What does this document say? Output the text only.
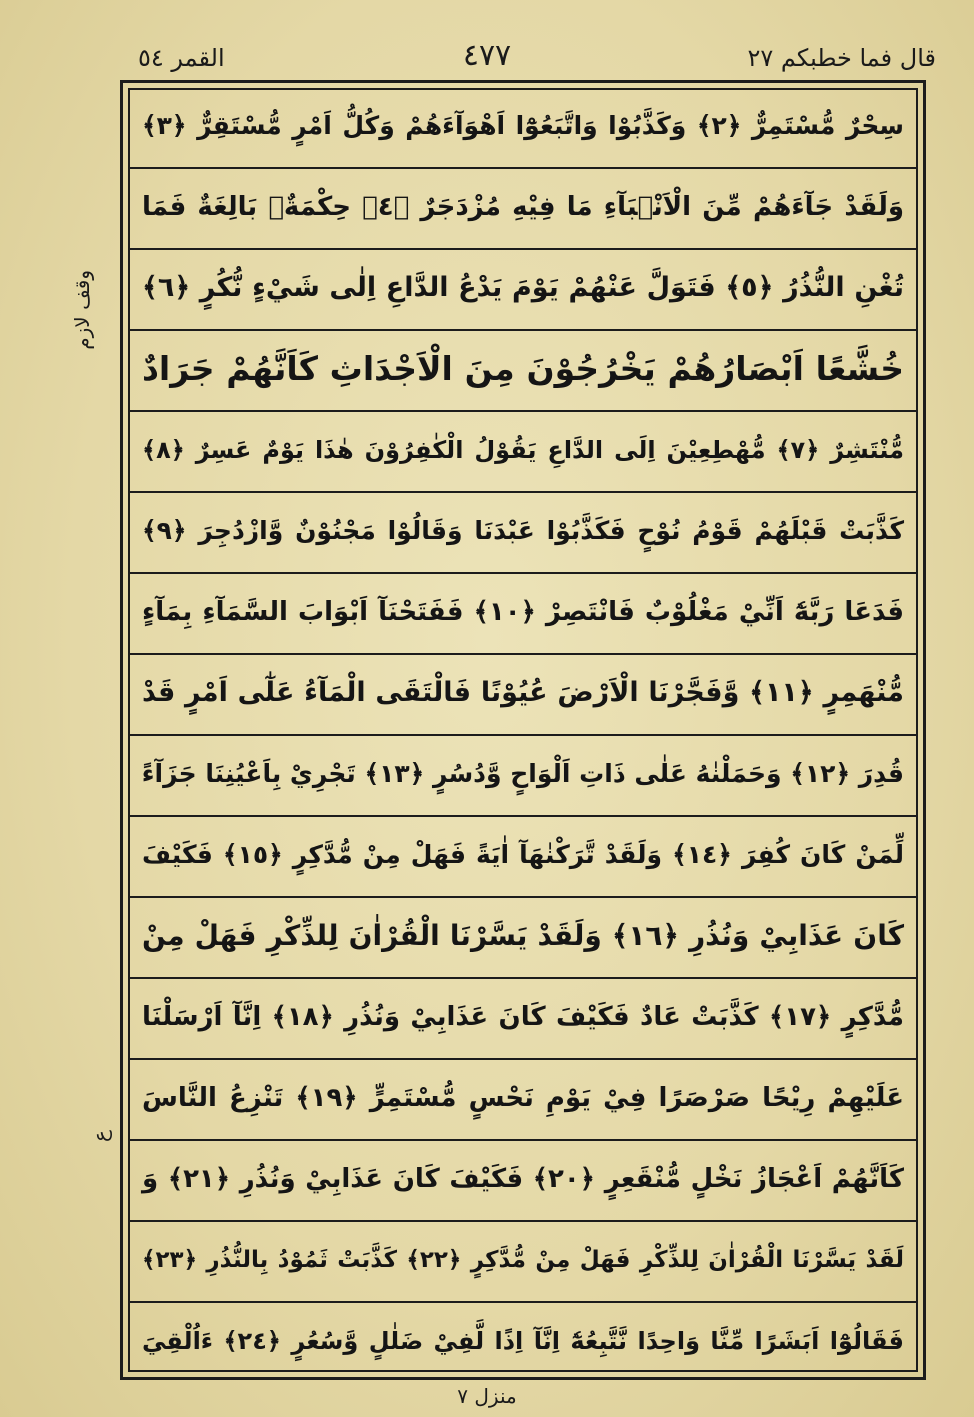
القمر ٥٤	٤٧٧	قال فما خطبکم ۲۷
وقف لازم
ع
سِحْرٌ مُّسْتَمِرٌّ ﴿٢﴾ وَكَذَّبُوْا وَاتَّبَعُوْٓا اَهْوَآءَهُمْ وَكُلُّ اَمْرٍ مُّسْتَقِرٌّ ﴿٣﴾
وَلَقَدْ جَآءَهُمْ مِّنَ الْاَنْۢبَآءِ مَا فِيْهِ مُزْدَجَرٌ ﴿٤﴾ حِكْمَةٌۢ بَالِغَةٌ فَمَا
تُغْنِ النُّذُرُ ﴿٥﴾ فَتَوَلَّ عَنْهُمْ يَوْمَ يَدْعُ الدَّاعِ اِلٰى شَيْءٍ نُّكُرٍ ﴿٦﴾
خُشَّعًا اَبْصَارُهُمْ يَخْرُجُوْنَ مِنَ الْاَجْدَاثِ كَاَنَّهُمْ جَرَادٌ
مُّنْتَشِرٌ ﴿٧﴾ مُّهْطِعِيْنَ اِلَى الدَّاعِ يَقُوْلُ الْكٰفِرُوْنَ هٰذَا يَوْمٌ عَسِرٌ ﴿٨﴾
كَذَّبَتْ قَبْلَهُمْ قَوْمُ نُوْحٍ فَكَذَّبُوْا عَبْدَنَا وَقَالُوْا مَجْنُوْنٌ وَّازْدُجِرَ ﴿٩﴾
فَدَعَا رَبَّهٗٓ اَنِّيْ مَغْلُوْبٌ فَانْتَصِرْ ﴿١٠﴾ فَفَتَحْنَآ اَبْوَابَ السَّمَآءِ بِمَآءٍ
مُّنْهَمِرٍ ﴿١١﴾ وَّفَجَّرْنَا الْاَرْضَ عُيُوْنًا فَالْتَقَى الْمَآءُ عَلٰٓى اَمْرٍ قَدْ
قُدِرَ ﴿١٢﴾ وَحَمَلْنٰهُ عَلٰى ذَاتِ اَلْوَاحٍ وَّدُسُرٍ ﴿١٣﴾ تَجْرِيْ بِاَعْيُنِنَا جَزَآءً
لِّمَنْ كَانَ كُفِرَ ﴿١٤﴾ وَلَقَدْ تَّرَكْنٰهَآ اٰيَةً فَهَلْ مِنْ مُّدَّكِرٍ ﴿١٥﴾ فَكَيْفَ
كَانَ عَذَابِيْ وَنُذُرِ ﴿١٦﴾ وَلَقَدْ يَسَّرْنَا الْقُرْاٰنَ لِلذِّكْرِ فَهَلْ مِنْ
مُّدَّكِرٍ ﴿١٧﴾ كَذَّبَتْ عَادٌ فَكَيْفَ كَانَ عَذَابِيْ وَنُذُرِ ﴿١٨﴾ اِنَّآ اَرْسَلْنَا
عَلَيْهِمْ رِيْحًا صَرْصَرًا فِيْ يَوْمِ نَحْسٍ مُّسْتَمِرٍّ ﴿١٩﴾ تَنْزِعُ النَّاسَ
كَاَنَّهُمْ اَعْجَازُ نَخْلٍ مُّنْقَعِرٍ ﴿٢٠﴾ فَكَيْفَ كَانَ عَذَابِيْ وَنُذُرِ ﴿٢١﴾ وَ
لَقَدْ يَسَّرْنَا الْقُرْاٰنَ لِلذِّكْرِ فَهَلْ مِنْ مُّدَّكِرٍ ﴿٢٢﴾ كَذَّبَتْ ثَمُوْدُ بِالنُّذُرِ ﴿٢٣﴾
فَقَالُوْٓا اَبَشَرًا مِّنَّا وَاحِدًا نَّتَّبِعُهٗٓ اِنَّآ اِذًا لَّفِيْ ضَلٰلٍ وَّسُعُرٍ ﴿٢٤﴾ ءَاُلْقِيَ
منزل ٧
